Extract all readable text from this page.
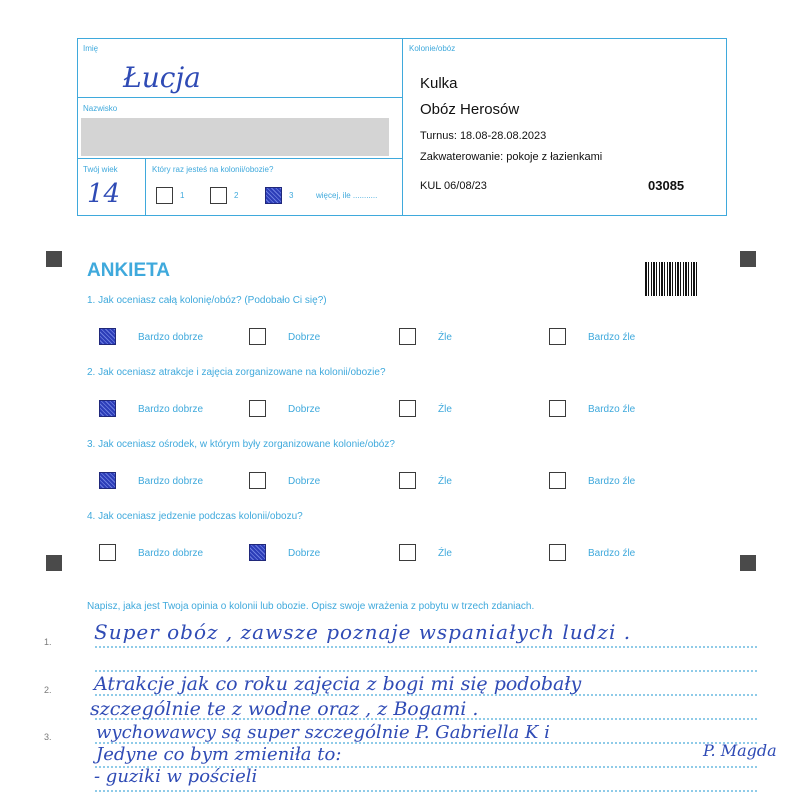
Imię
Łucja
Nazwisko
Twój wiek
14
Który raz jesteś na kolonii/obozie?
1	2	3	więcej, ile ...........
Kolonie/obóz
Kulka
Obóz Herosów
Turnus: 18.08-28.08.2023
Zakwaterowanie: pokoje z łazienkami
KUL 06/08/23	03085
ANKIETA
1. Jak oceniasz całą kolonię/obóz? (Podobało Ci się?)
Bardzo dobrze	Dobrze	Źle	Bardzo źle
2. Jak oceniasz atrakcje i zajęcia zorganizowane na kolonii/obozie?
Bardzo dobrze	Dobrze	Źle	Bardzo źle
3. Jak oceniasz ośrodek, w którym były zorganizowane kolonie/obóz?
Bardzo dobrze	Dobrze	Źle	Bardzo źle
4. Jak oceniasz jedzenie podczas kolonii/obozu?
Bardzo dobrze	Dobrze	Źle	Bardzo źle
Napisz, jaka jest Twoja opinia o kolonii lub obozie. Opisz swoje wrażenia z pobytu w trzech zdaniach.
1.
2.
3.
Super obóz , zawsze poznaje wspaniałych ludzi .
Atrakcje jak co roku zajęcia z bogi mi się podobały
szczególnie te z wodne oraz , z Bogami .
wychowawcy są super szczególnie P. Gabriella K i
Jedyne co bym zmieniła to:	P. Magda
- guziki w pościeli
